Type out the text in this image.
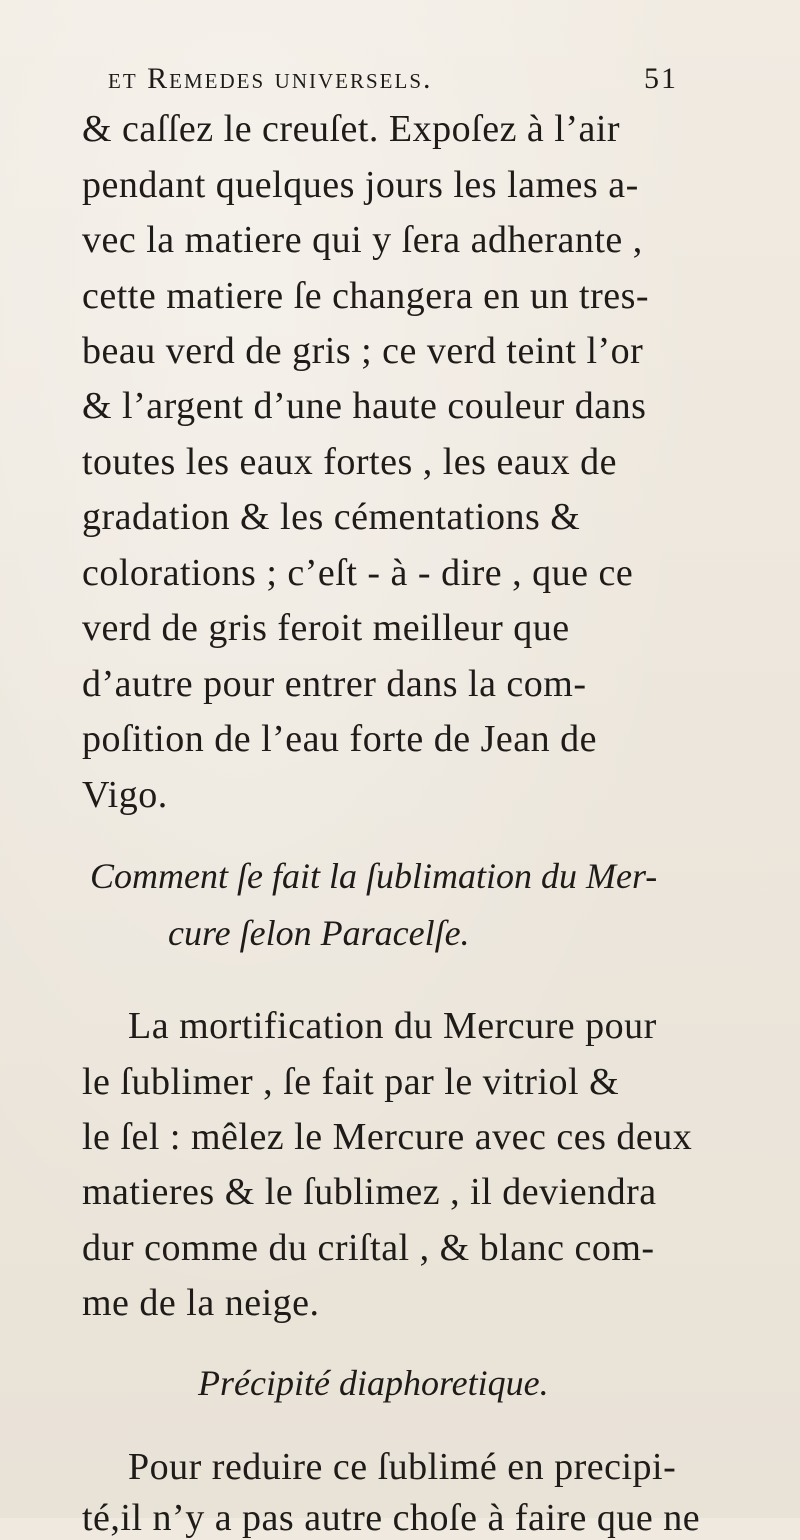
et Remedes universels.	51
& caſſez le creuſet. Expoſez à l’air
pendant quelques jours les lames a-
vec la matiere qui y ſera adherante ,
cette matiere ſe changera en un tres-
beau verd de gris ; ce verd teint l’or
& l’argent d’une haute couleur dans
toutes les eaux fortes , les eaux de
gradation & les cémentations &
colorations ; c’eſt - à - dire , que ce
verd de gris feroit meilleur que
d’autre pour entrer dans la com-
poſition de l’eau forte de Jean de
Vigo.
Comment ſe fait la ſublimation du Mer-
cure ſelon Paracelſe.
La mortification du Mercure pour
le ſublimer , ſe fait par le vitriol &
le ſel : mêlez le Mercure avec ces deux
matieres & le ſublimez , il deviendra
dur comme du criſtal , & blanc com-
me de la neige.
Précipité diaphoretique.
Pour reduire ce ſublimé en precipi-
té,il n’y a pas autre choſe à faire que ne
